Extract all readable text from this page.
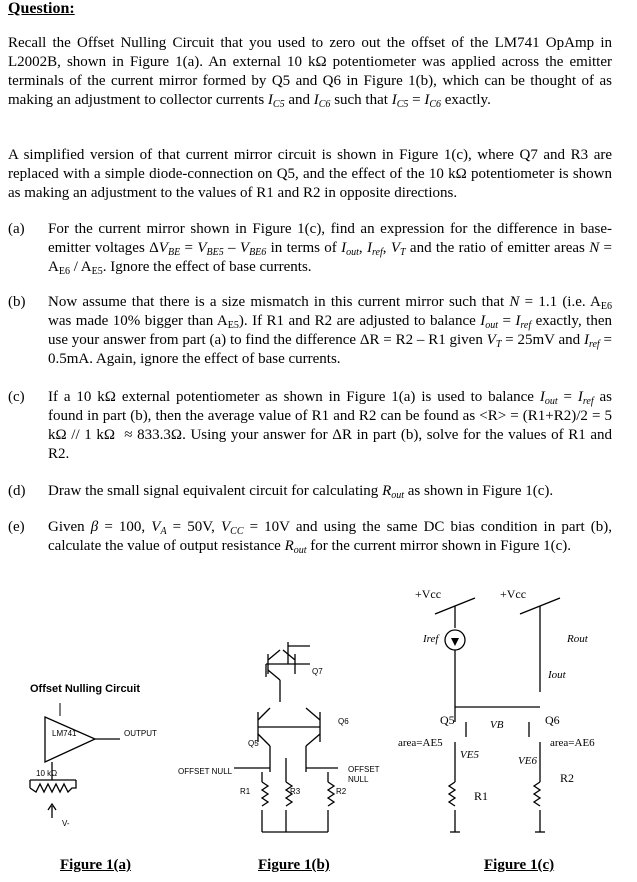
Question:
Recall the Offset Nulling Circuit that you used to zero out the offset of the LM741 OpAmp in L2002B, shown in Figure 1(a). An external 10 kΩ potentiometer was applied across the emitter terminals of the current mirror formed by Q5 and Q6 in Figure 1(b), which can be thought of as making an adjustment to collector currents $I_{C5}$ and $I_{C6}$ such that $I_{C5} = I_{C6}$ exactly.
A simplified version of that current mirror circuit is shown in Figure 1(c), where Q7 and R3 are replaced with a simple diode-connection on Q5, and the effect of the 10 kΩ potentiometer is shown as making an adjustment to the values of R1 and R2 in opposite directions.
(a) For the current mirror shown in Figure 1(c), find an expression for the difference in base-emitter voltages $\Delta V_{BE} = V_{BE5} - V_{BE6}$ in terms of $I_{out}$, $I_{ref}$, $V_T$ and the ratio of emitter areas $N = A_{E6} / A_{E5}$. Ignore the effect of base currents.
(b) Now assume that there is a size mismatch in this current mirror such that N = 1.1 (i.e. $A_{E6}$ was made 10% bigger than $A_{E5}$). If R1 and R2 are adjusted to balance $I_{out} = I_{ref}$ exactly, then use your answer from part (a) to find the difference ΔR = R2 – R1 given $V_T = 25mV$ and $I_{ref} = 0.5mA$. Again, ignore the effect of base currents.
(c) If a 10 kΩ external potentiometer as shown in Figure 1(a) is used to balance $I_{out} = I_{ref}$ as found in part (b), then the average value of R1 and R2 can be found as <R> = (R1+R2)/2 = 5 kΩ // 1 kΩ  ≈ 833.3Ω. Using your answer for ΔR in part (b), solve for the values of R1 and R2.
(d) Draw the small signal equivalent circuit for calculating $R_{out}$ as shown in Figure 1(c).
(e) Given β = 100, $V_A = 50V$, $V_{CC} = 10V$ and using the same DC bias condition in part (b), calculate the value of output resistance $R_{out}$ for the current mirror shown in Figure 1(c).
Offset Nulling Circuit
LM741	OUTPUT
10 kΩ
V-
Q7
Q5
Q6
OFFSET NULL	OFFSET
NULL
R1	R3	R2
+Vcc	+Vcc
Iref	Rout
Iout
Q5	Q6
VB
area=AE5	area=AE6
VE5	VE6
R1
R2
Figure 1(a)	Figure 1(b)	Figure 1(c)
